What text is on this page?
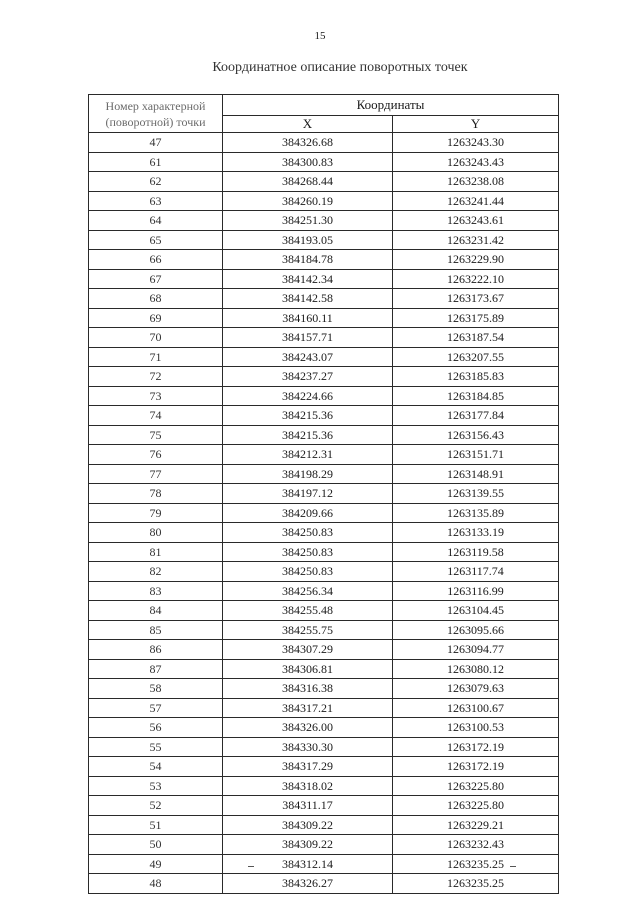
15
Координатное описание поворотных точек
Номер характерной (поворотной) точки	Координаты	
	X	Y
47	384326.68	1263243.30
61	384300.83	1263243.43
62	384268.44	1263238.08
63	384260.19	1263241.44
64	384251.30	1263243.61
65	384193.05	1263231.42
66	384184.78	1263229.90
67	384142.34	1263222.10
68	384142.58	1263173.67
69	384160.11	1263175.89
70	384157.71	1263187.54
71	384243.07	1263207.55
72	384237.27	1263185.83
73	384224.66	1263184.85
74	384215.36	1263177.84
75	384215.36	1263156.43
76	384212.31	1263151.71
77	384198.29	1263148.91
78	384197.12	1263139.55
79	384209.66	1263135.89
80	384250.83	1263133.19
81	384250.83	1263119.58
82	384250.83	1263117.74
83	384256.34	1263116.99
84	384255.48	1263104.45
85	384255.75	1263095.66
86	384307.29	1263094.77
87	384306.81	1263080.12
58	384316.38	1263079.63
57	384317.21	1263100.67
56	384326.00	1263100.53
55	384330.30	1263172.19
54	384317.29	1263172.19
53	384318.02	1263225.80
52	384311.17	1263225.80
51	384309.22	1263229.21
50	384309.22	1263232.43
49	384312.14	1263235.25
48	384326.27	1263235.25
